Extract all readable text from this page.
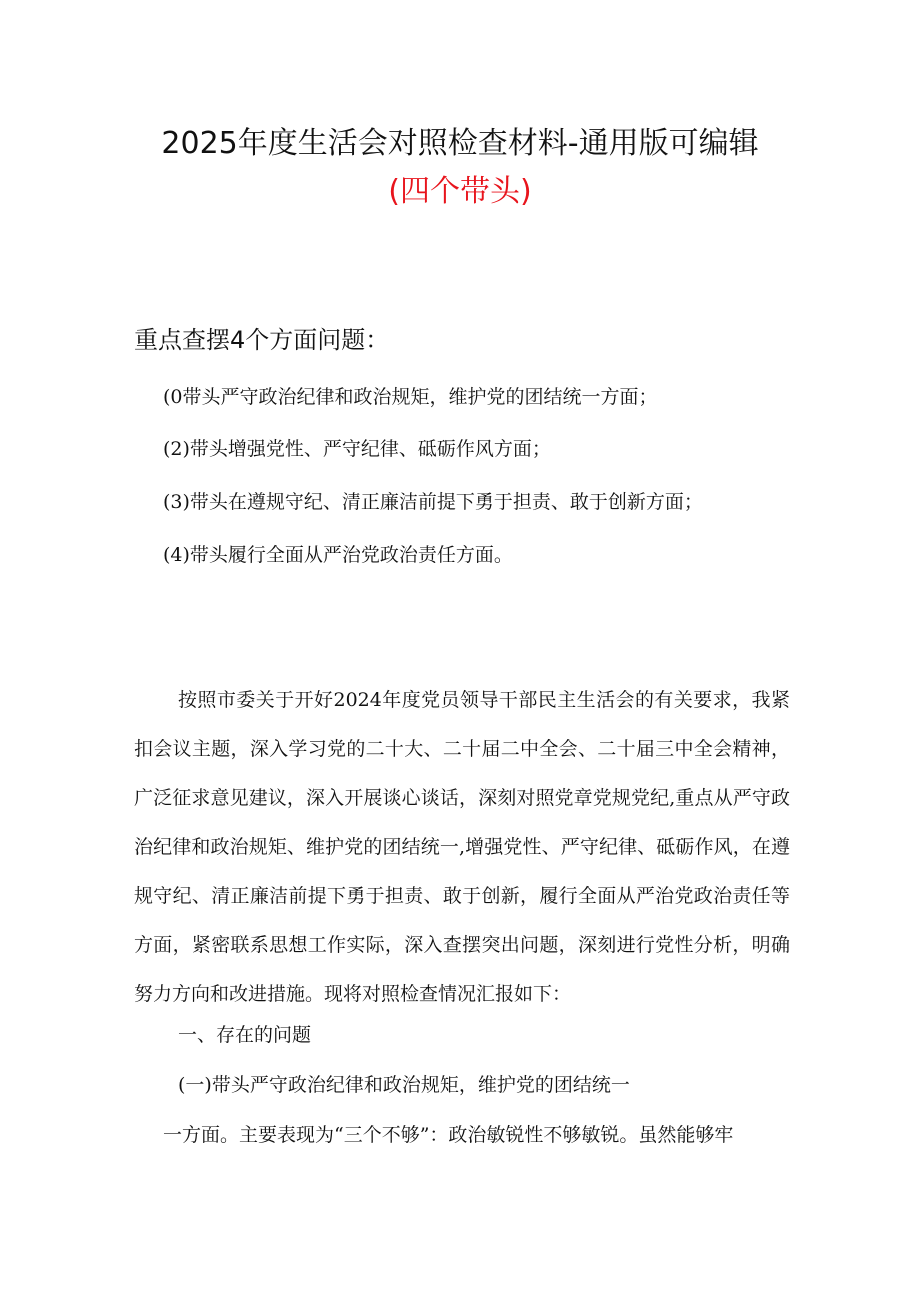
2025年度生活会对照检查材料-通用版可编辑
(四个带头)
重点查摆4个方面问题：
(0带头严守政治纪律和政治规矩，维护党的团结统一方面；
(2)带头增强党性、严守纪律、砥砺作风方面；
(3)带头在遵规守纪、清正廉洁前提下勇于担责、敢于创新方面；
(4)带头履行全面从严治党政治责任方面。
按照市委关于开好2024年度党员领导干部民主生活会的有关要求，我紧扣会议主题，深入学习党的二十大、二十届二中全会、二十届三中全会精神，广泛征求意见建议，深入开展谈心谈话，深刻对照党章党规党纪,重点从严守政治纪律和政治规矩、维护党的团结统一,增强党性、严守纪律、砥砺作风，在遵规守纪、清正廉洁前提下勇于担责、敢于创新，履行全面从严治党政治责任等方面，紧密联系思想工作实际，深入查摆突出问题，深刻进行党性分析，明确努力方向和改进措施。现将对照检查情况汇报如下：
一、存在的问题
(一)带头严守政治纪律和政治规矩，维护党的团结统一
一方面。主要表现为“三个不够”：政治敏锐性不够敏锐。虽然能够牢
